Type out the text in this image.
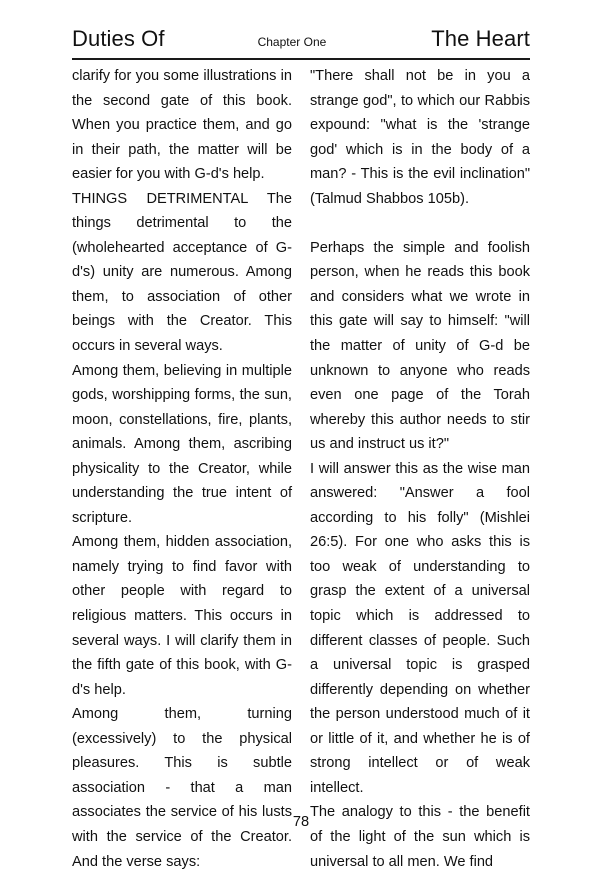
Duties Of	Chapter One	The Heart

clarify for you some illustrations in the second gate of this book. When you practice them, and go in their path, the matter will be easier for you with G-d's help.

THINGS DETRIMENTAL The things detrimental to the (wholehearted acceptance of G-d's) unity are numerous. Among them, to association of other beings with the Creator. This occurs in several ways.

Among them, believing in multiple gods, worshipping forms, the sun, moon, constellations, fire, plants, animals. Among them, ascribing physicality to the Creator, while understanding the true intent of scripture.

Among them, hidden association, namely trying to find favor with other people with regard to religious matters. This occurs in several ways. I will clarify them in the fifth gate of this book, with G-d's help.

Among them, turning (excessively) to the physical pleasures. This is subtle association - that a man associates the service of his lusts with the service of the Creator. And the verse says:

"There shall not be in you a strange god", to which our Rabbis expound: "what is the 'strange god' which is in the body of a man? - This is the evil inclination" (Talmud Shabbos 105b).

Perhaps the simple and foolish person, when he reads this book and considers what we wrote in this gate will say to himself: "will the matter of unity of G-d be unknown to anyone who reads even one page of the Torah whereby this author needs to stir us and instruct us it?"

I will answer this as the wise man answered: "Answer a fool according to his folly" (Mishlei 26:5). For one who asks this is too weak of understanding to grasp the extent of a universal topic which is addressed to different classes of people. Such a universal topic is grasped differently depending on whether the person understood much of it or little of it, and whether he is of strong intellect or of weak intellect.

The analogy to this - the benefit of the light of the sun which is universal to all men. We find

78
